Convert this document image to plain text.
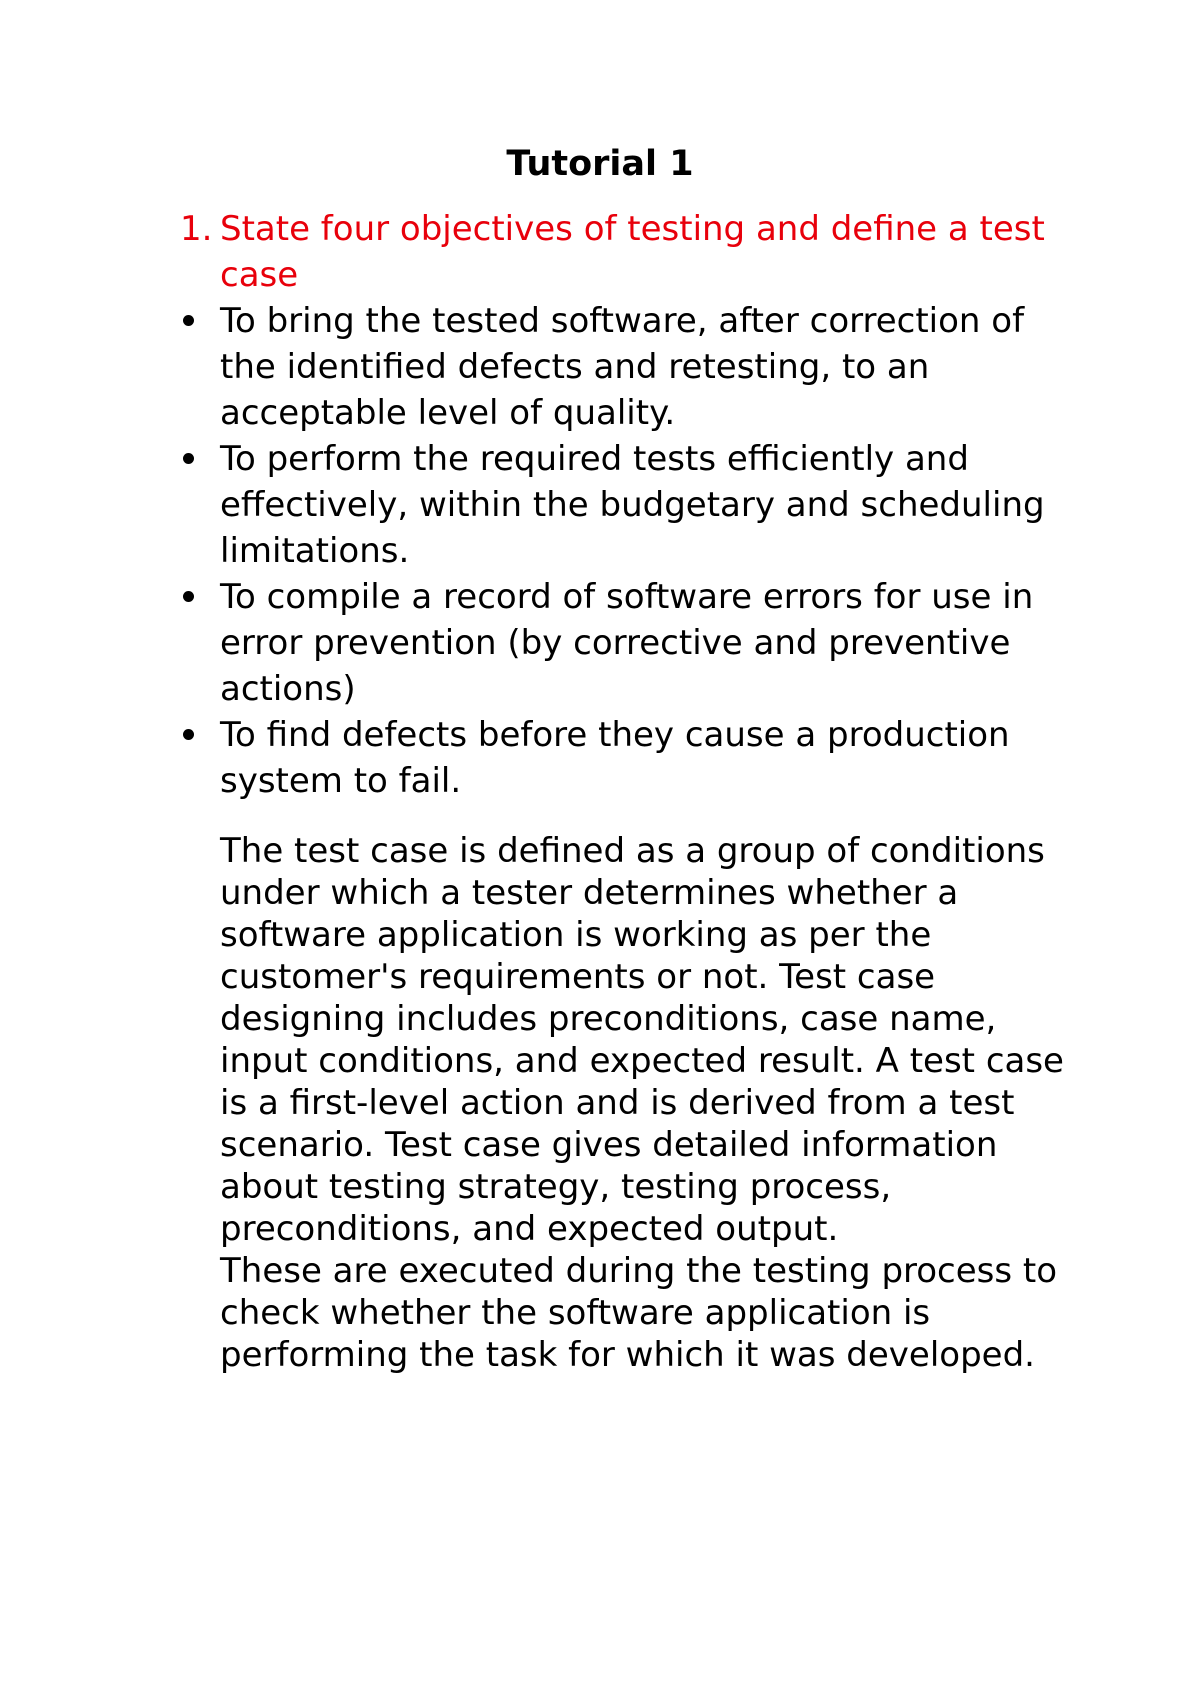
Tutorial 1
1. State four objectives of testing and define a test case
To bring the tested software, after correction of the identified defects and retesting, to an acceptable level of quality.
To perform the required tests efficiently and effectively, within the budgetary and scheduling limitations.
To compile a record of software errors for use in error prevention (by corrective and preventive actions)
To find defects before they cause a production system to fail.

The test case is defined as a group of conditions under which a tester determines whether a software application is working as per the customer's requirements or not. Test case designing includes preconditions, case name, input conditions, and expected result. A test case is a first-level action and is derived from a test scenario. Test case gives detailed information about testing strategy, testing process, preconditions, and expected output.

These are executed during the testing process to check whether the software application is performing the task for which it was developed.
